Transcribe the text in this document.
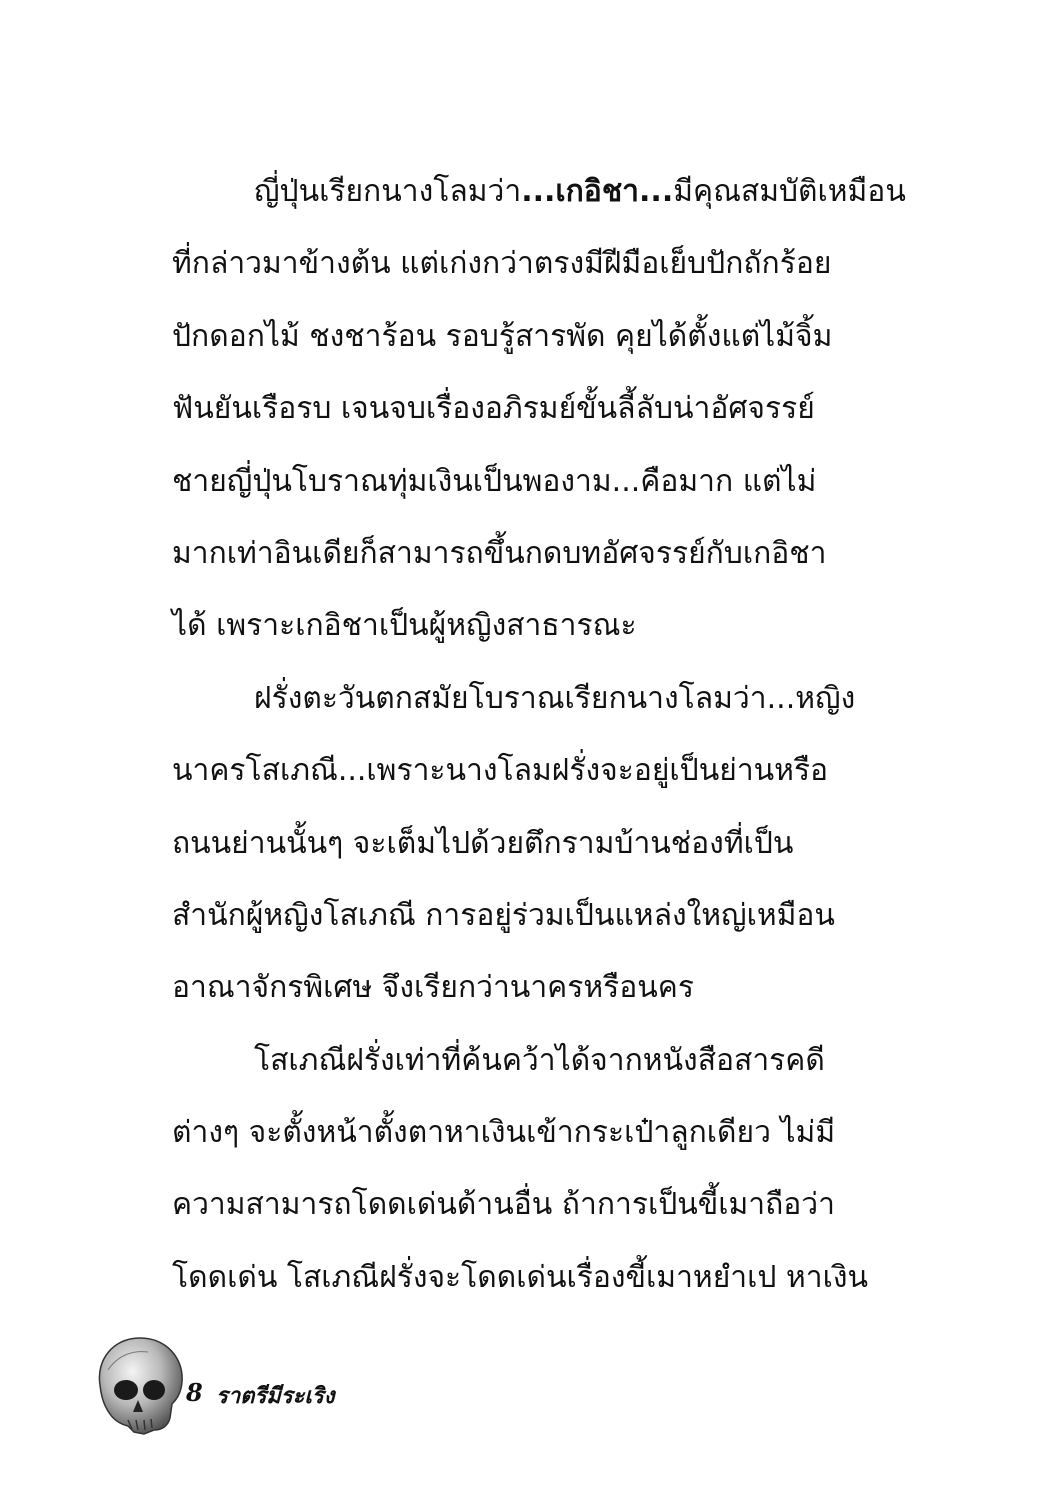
ญี่ปุ่นเรียกนางโลมว่า ...เกอิชา... มีคุณสมบัติเหมือน
ที่กล่าวมาข้างต้น แต่เก่งกว่าตรงมีฝีมือเย็บปักถักร้อย
ปักดอกไม้ ชงชาร้อน รอบรู้สารพัด คุยได้ตั้งแต่ไม้จิ้ม
ฟันยันเรือรบ เจนจบเรื่องอภิรมย์ขั้นลี้ลับน่าอัศจรรย์
ชายญี่ปุ่นโบราณทุ่มเงินเป็นพองาม...คือมาก แต่ไม่
มากเท่าอินเดียก็สามารถขึ้นกดบทอัศจรรย์กับเกอิชา
ได้ เพราะเกอิชาเป็นผู้หญิงสาธารณะ
ฝรั่งตะวันตกสมัยโบราณเรียกนางโลมว่า...หญิง
นาครโสเภณี...เพราะนางโลมฝรั่งจะอยู่เป็นย่านหรือ
ถนนย่านนั้นๆ จะเต็มไปด้วยตึกรามบ้านช่องที่เป็น
สำนักผู้หญิงโสเภณี การอยู่ร่วมเป็นแหล่งใหญ่เหมือน
อาณาจักรพิเศษ จึงเรียกว่านาครหรือนคร
โสเภณีฝรั่งเท่าที่ค้นคว้าได้จากหนังสือสารคดี
ต่างๆ จะตั้งหน้าตั้งตาหาเงินเข้ากระเป๋าลูกเดียว ไม่มี
ความสามารถโดดเด่นด้านอื่น ถ้าการเป็นขี้เมาถือว่า
โดดเด่น โสเภณีฝรั่งจะโดดเด่นเรื่องขี้เมาหยำเป หาเงิน
8 ราตรีมีระเริง
